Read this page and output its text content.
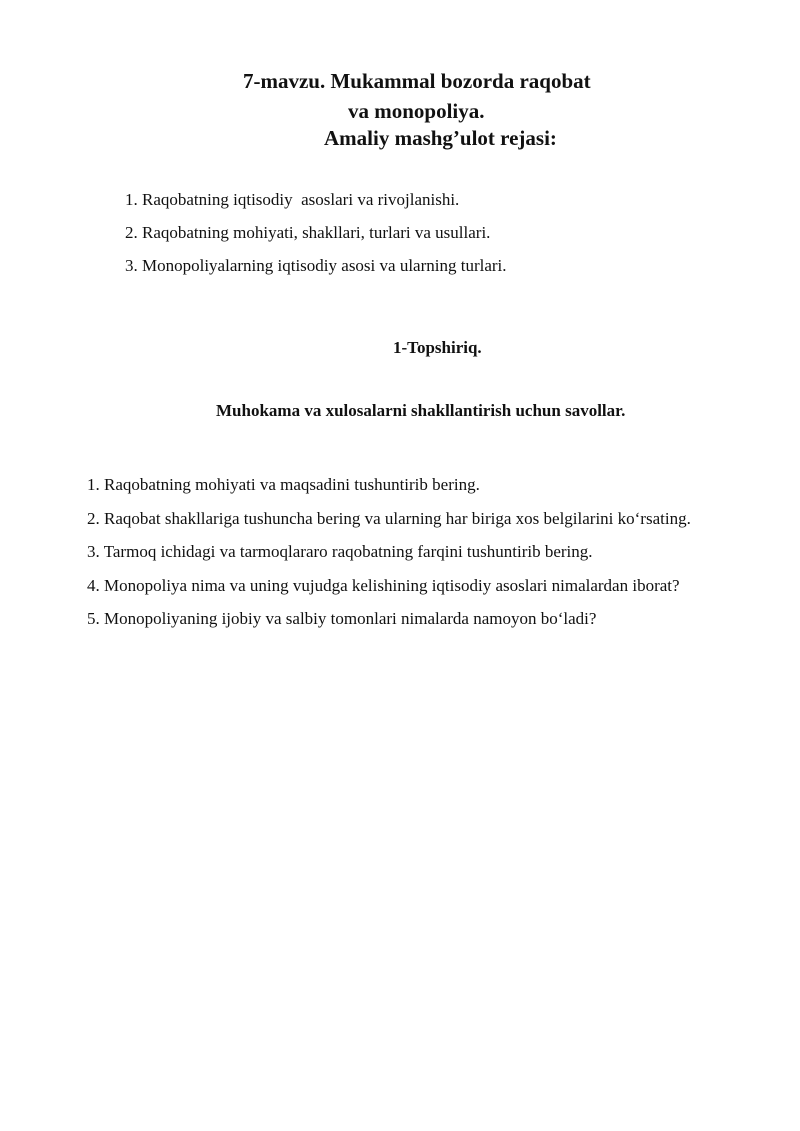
7-mavzu. Mukammal bozorda raqobat
va monopoliya.
Amaliy mashg’ulot rejasi:
1. Raqobatning iqtisodiy  asoslari va rivojlanishi.
2. Raqobatning mohiyati, shakllari, turlari va usullari.
3. Monopoliyalarning iqtisodiy asosi va ularning turlari.
1-Topshiriq.
Muhokama va xulosalarni shakllantirish uchun savollar.
1. Raqobatning mohiyati va maqsadini tushuntirib bering.
2. Raqobat shakllariga tushuncha bering va ularning har biriga xos belgilarini ko‘rsating.
3. Tarmoq ichidagi va tarmoqlararo raqobatning farqini tushuntirib bering.
4. Monopoliya nima va uning vujudga kelishining iqtisodiy asoslari nimalardan iborat?
5. Monopoliyaning ijobiy va salbiy tomonlari nimalarda namoyon bo‘ladi?
